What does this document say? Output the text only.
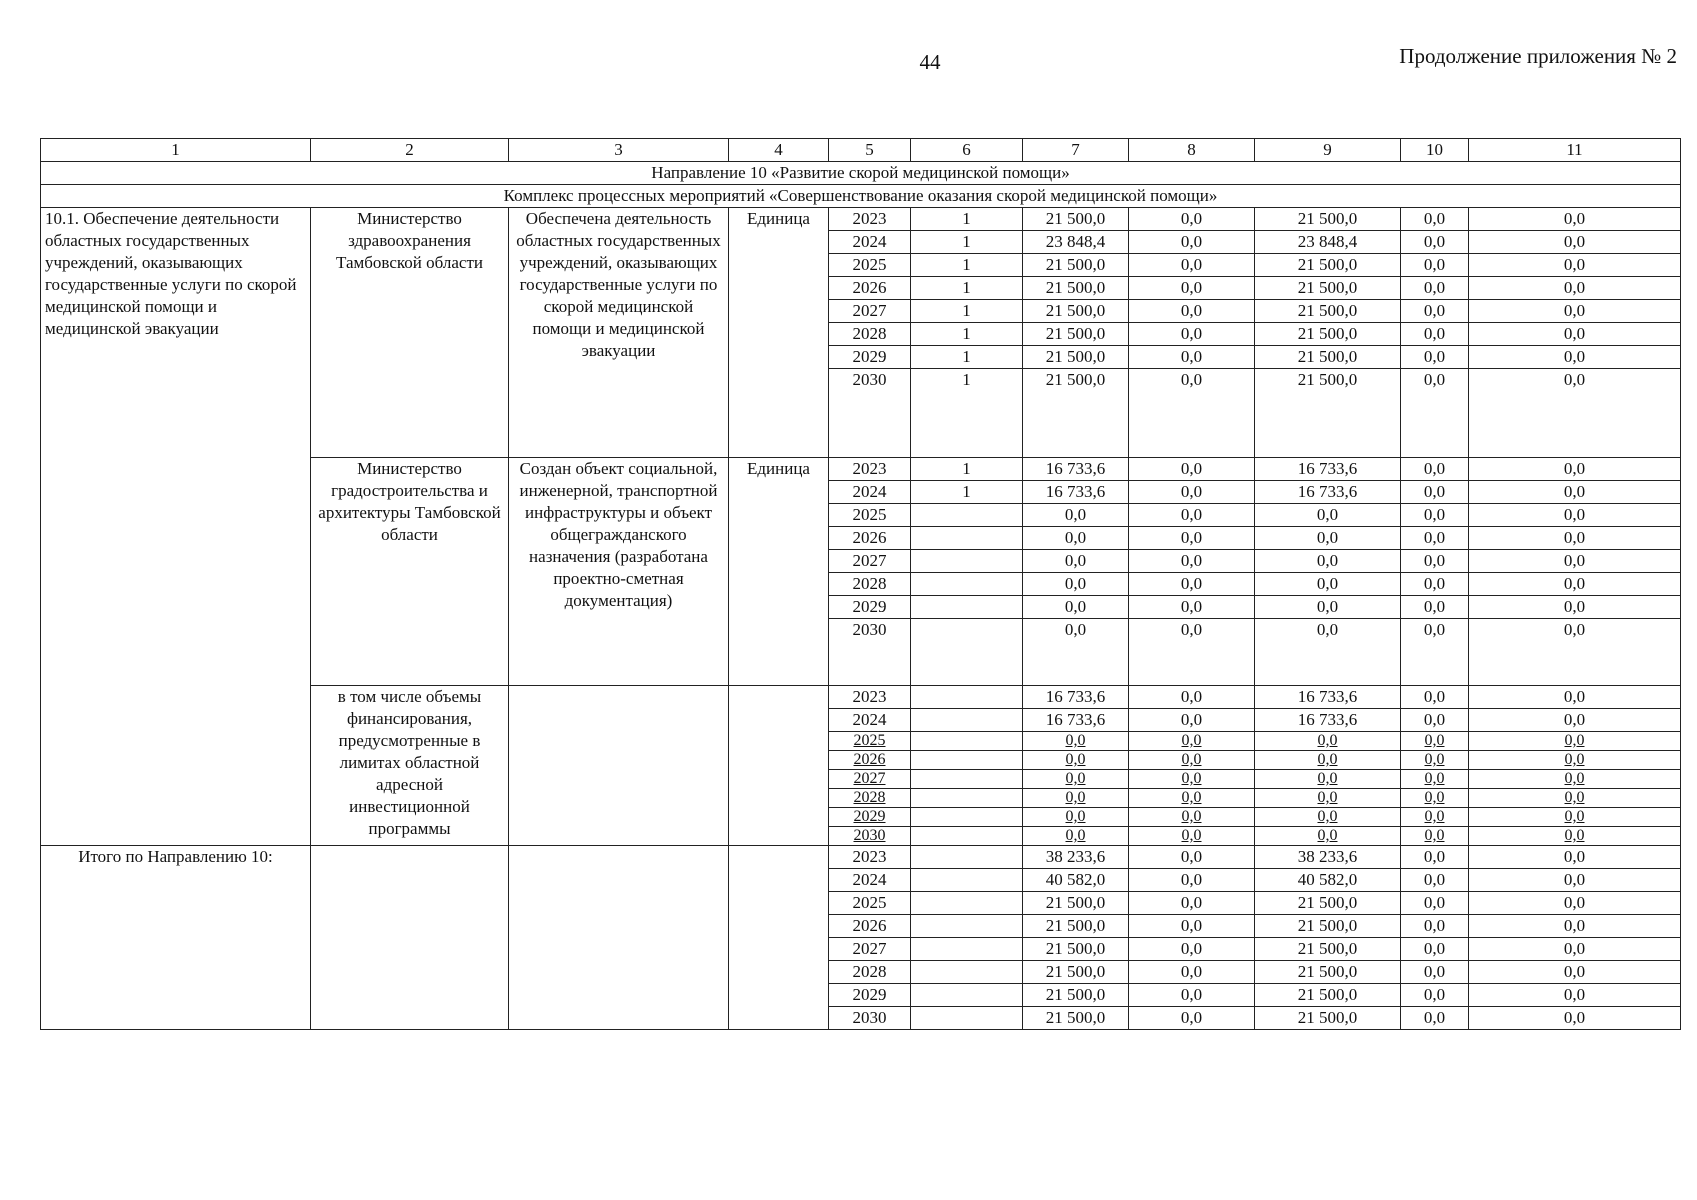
44	Продолжение приложения № 2
1	2	3	4	5	6	7	8	9	10	11
Направление 10 «Развитие скорой медицинской помощи»										
Комплекс процессных мероприятий «Совершенствование оказания скорой медицинской помощи»										
10.1. Обеспечение деятельности областных государственных учреждений, оказывающих государственные услуги по скорой медицинской помощи и медицинской эвакуации	Министерство здравоохранения Тамбовской области	Обеспечена деятельность областных государственных учреждений, оказывающих государственные услуги по скорой медицинской помощи и медицинской эвакуации	Единица	2023	1	21 500,0	0,0	21 500,0	0,0	0,0
				2024	1	23 848,4	0,0	23 848,4	0,0	0,0
				2025	1	21 500,0	0,0	21 500,0	0,0	0,0
				2026	1	21 500,0	0,0	21 500,0	0,0	0,0
				2027	1	21 500,0	0,0	21 500,0	0,0	0,0
				2028	1	21 500,0	0,0	21 500,0	0,0	0,0
				2029	1	21 500,0	0,0	21 500,0	0,0	0,0
				2030	1	21 500,0	0,0	21 500,0	0,0	0,0
	Министерство градостроительства и архитектуры Тамбовской области	Создан объект социальной, инженерной, транспортной инфраструктуры и объект общегражданского назначения (разработана проектно-сметная документация)	Единица	2023	1	16 733,6	0,0	16 733,6	0,0	0,0
				2024	1	16 733,6	0,0	16 733,6	0,0	0,0
				2025		0,0	0,0	0,0	0,0	0,0
				2026		0,0	0,0	0,0	0,0	0,0
				2027		0,0	0,0	0,0	0,0	0,0
				2028		0,0	0,0	0,0	0,0	0,0
				2029		0,0	0,0	0,0	0,0	0,0
				2030		0,0	0,0	0,0	0,0	0,0
	в том числе объемы финансирования, предусмотренные в лимитах областной адресной инвестиционной программы			2023		16 733,6	0,0	16 733,6	0,0	0,0
				2024		16 733,6	0,0	16 733,6	0,0	0,0
				2025		0,0	0,0	0,0	0,0	0,0
				2026		0,0	0,0	0,0	0,0	0,0
				2027		0,0	0,0	0,0	0,0	0,0
				2028		0,0	0,0	0,0	0,0	0,0
				2029		0,0	0,0	0,0	0,0	0,0
				2030		0,0	0,0	0,0	0,0	0,0
Итого по Направлению 10:				2023		38 233,6	0,0	38 233,6	0,0	0,0
				2024		40 582,0	0,0	40 582,0	0,0	0,0
				2025		21 500,0	0,0	21 500,0	0,0	0,0
				2026		21 500,0	0,0	21 500,0	0,0	0,0
				2027		21 500,0	0,0	21 500,0	0,0	0,0
				2028		21 500,0	0,0	21 500,0	0,0	0,0
				2029		21 500,0	0,0	21 500,0	0,0	0,0
				2030		21 500,0	0,0	21 500,0	0,0	0,0
